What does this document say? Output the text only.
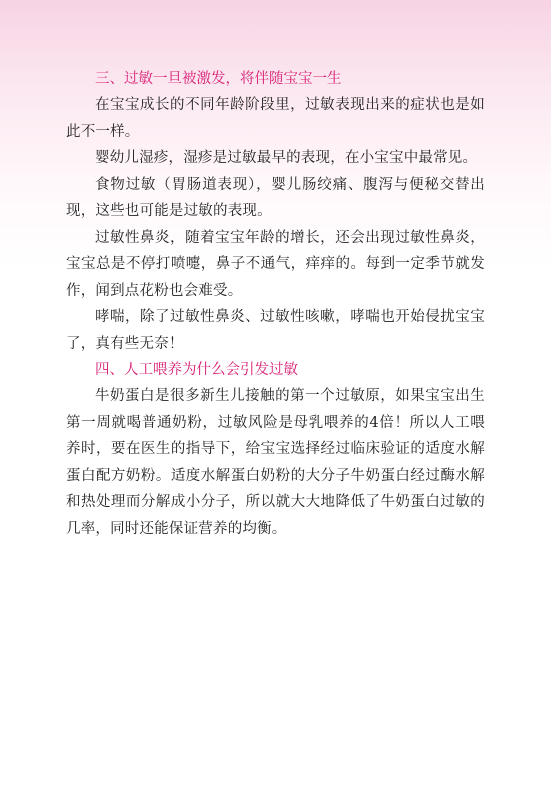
三、过敏一旦被激发，将伴随宝宝一生

在宝宝成长的不同年龄阶段里，过敏表现出来的症状也是如此不一样。

婴幼儿湿疹，湿疹是过敏最早的表现，在小宝宝中最常见。

食物过敏（胃肠道表现），婴儿肠绞痛、腹泻与便秘交替出现，这些也可能是过敏的表现。

过敏性鼻炎，随着宝宝年龄的增长，还会出现过敏性鼻炎，宝宝总是不停打喷嚏，鼻子不通气，痒痒的。每到一定季节就发作，闻到点花粉也会难受。

哮喘，除了过敏性鼻炎、过敏性咳嗽，哮喘也开始侵扰宝宝了，真有些无奈！

四、人工喂养为什么会引发过敏

牛奶蛋白是很多新生儿接触的第一个过敏原，如果宝宝出生第一周就喝普通奶粉，过敏风险是母乳喂养的4倍！所以人工喂养时，要在医生的指导下，给宝宝选择经过临床验证的适度水解蛋白配方奶粉。适度水解蛋白奶粉的大分子牛奶蛋白经过酶水解和热处理而分解成小分子，所以就大大地降低了牛奶蛋白过敏的几率，同时还能保证营养的均衡。
